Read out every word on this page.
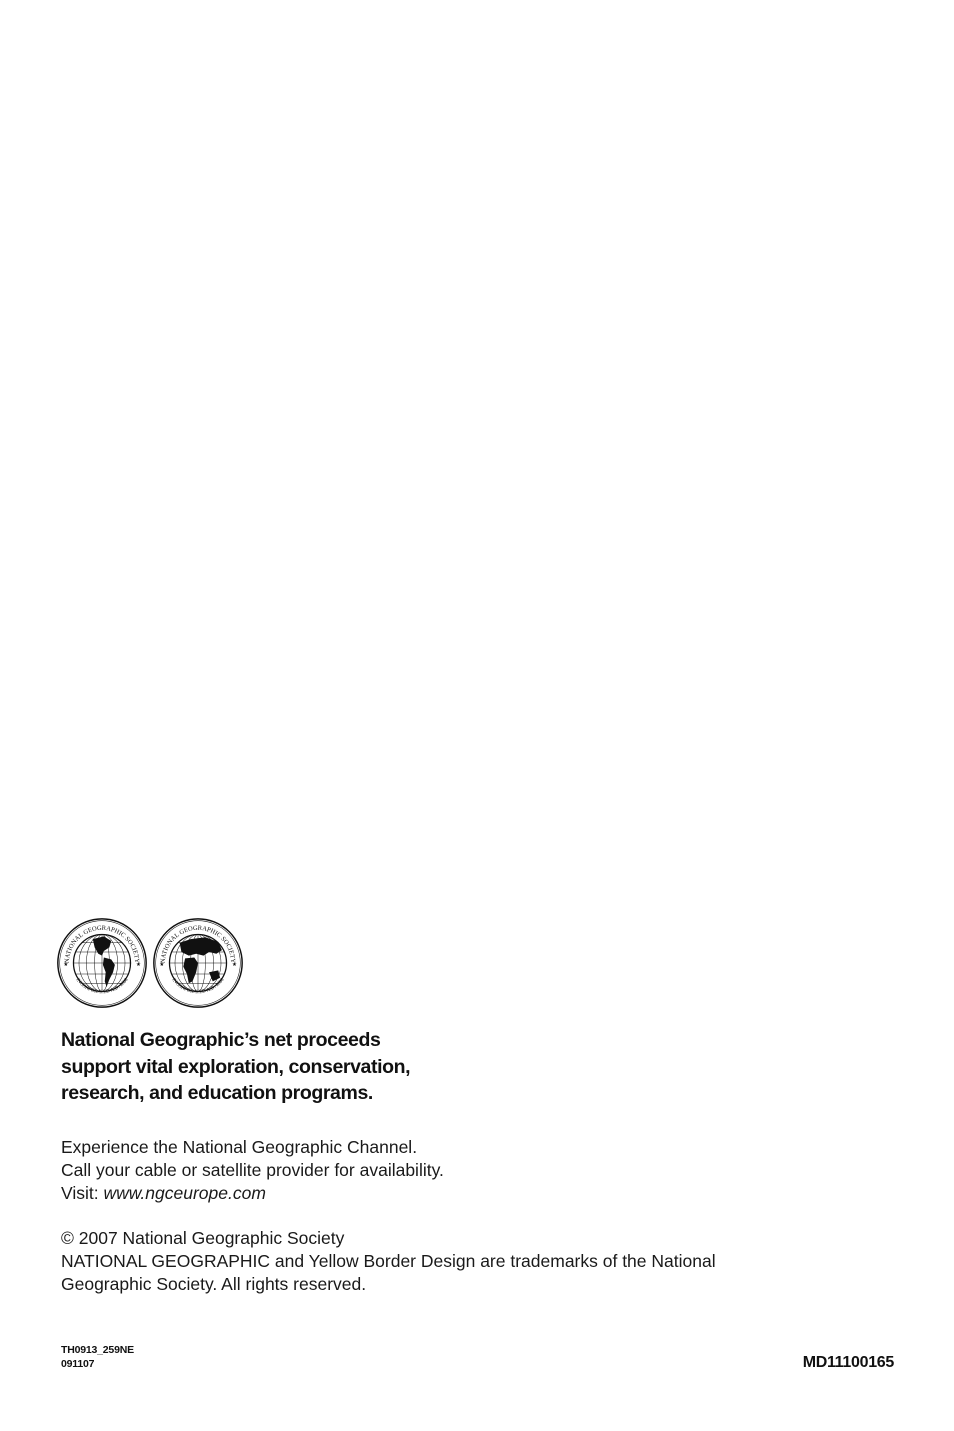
NATIONAL GEOGRAPHIC SOCIETY
INCORPORATED A.D. 1888
★	★
NATIONAL GEOGRAPHIC SOCIETY
INCORPORATED A.D. 1888
★	★
National Geographic’s net proceeds
support vital exploration, conservation,
research, and education programs.
Experience the National Geographic Channel.
Call your cable or satellite provider for availability.
Visit: www.ngceurope.com
© 2007 National Geographic Society
NATIONAL GEOGRAPHIC and Yellow Border Design are trademarks of the National
Geographic Society. All rights reserved.
TH0913_259NE
091107	MD11100165
